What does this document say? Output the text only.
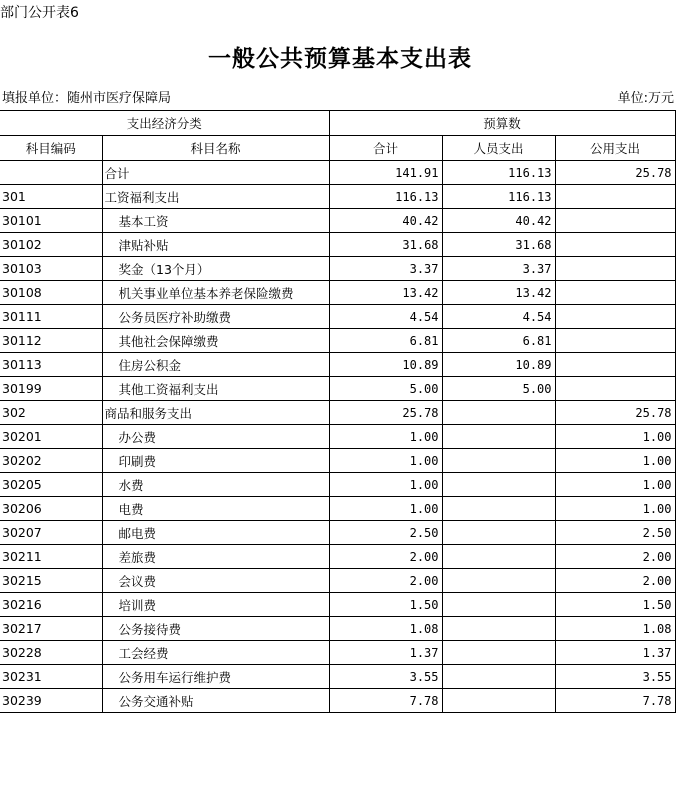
部门公开表6
一般公共预算基本支出表
填报单位：随州市医疗保障局	单位:万元
支出经济分类		预算数		
科目编码	科目名称	合计	人员支出	公用支出
	合计	141.91	116.13	25.78
301	工资福利支出	116.13	116.13	
30101	基本工资	40.42	40.42	
30102	津贴补贴	31.68	31.68	
30103	奖金（13个月）	3.37	3.37	
30108	机关事业单位基本养老保险缴费	13.42	13.42	
30111	公务员医疗补助缴费	4.54	4.54	
30112	其他社会保障缴费	6.81	6.81	
30113	住房公积金	10.89	10.89	
30199	其他工资福利支出	5.00	5.00	
302	商品和服务支出	25.78		25.78
30201	办公费	1.00		1.00
30202	印刷费	1.00		1.00
30205	水费	1.00		1.00
30206	电费	1.00		1.00
30207	邮电费	2.50		2.50
30211	差旅费	2.00		2.00
30215	会议费	2.00		2.00
30216	培训费	1.50		1.50
30217	公务接待费	1.08		1.08
30228	工会经费	1.37		1.37
30231	公务用车运行维护费	3.55		3.55
30239	公务交通补贴	7.78		7.78
